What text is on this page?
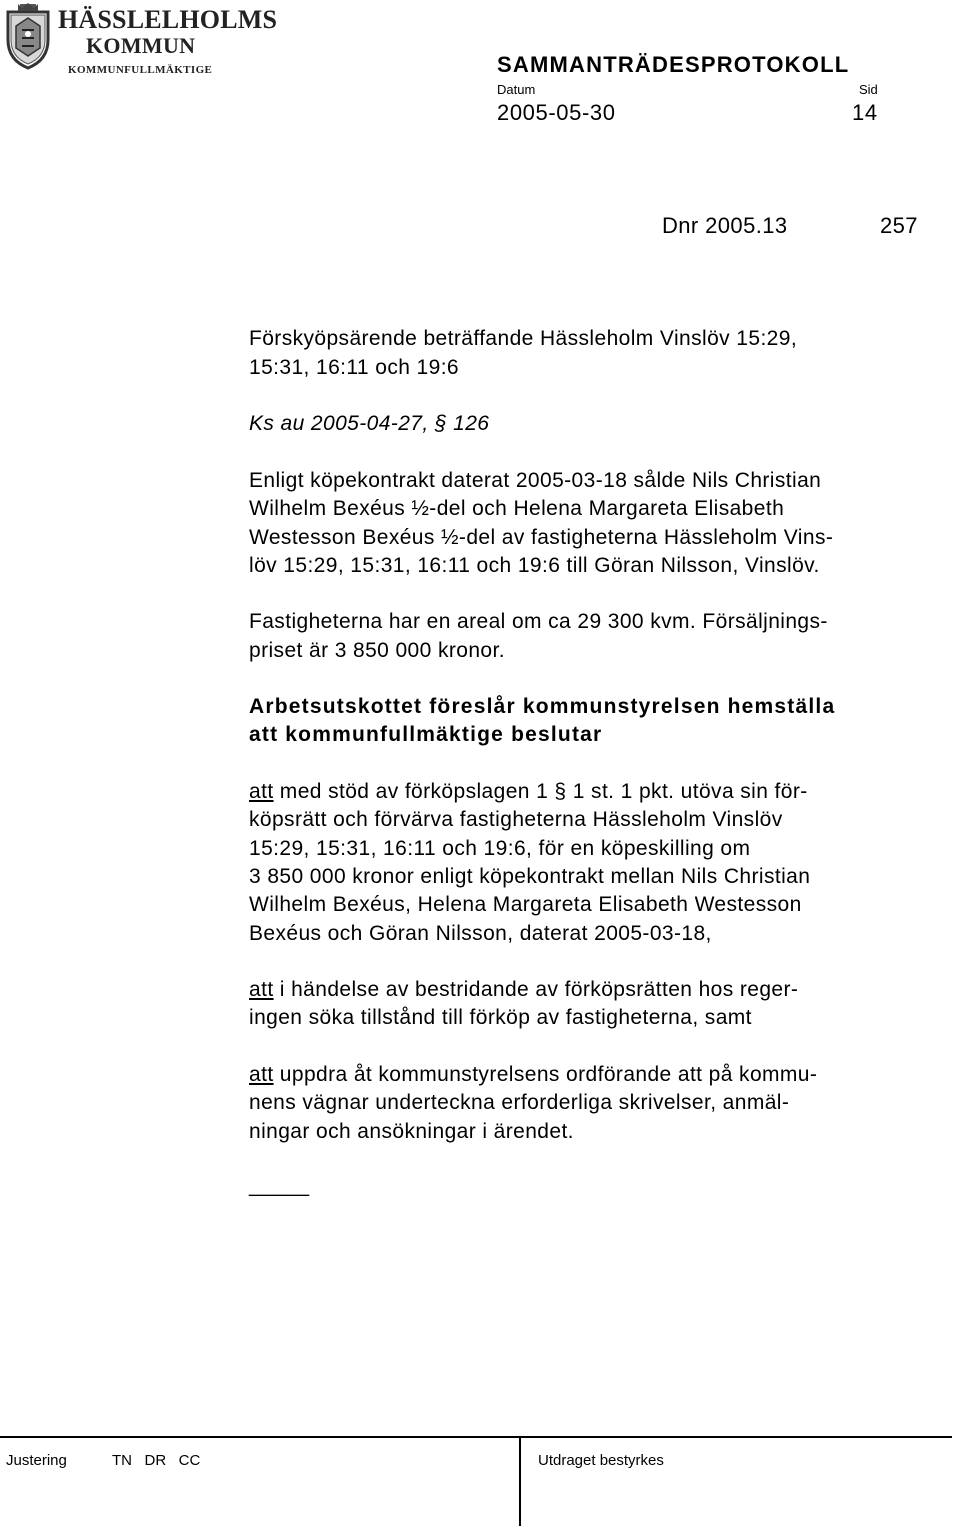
HÄSSLELHOLMS
KOMMUN
KOMMUNFULLMÄKTIGE	SAMMANTRÄDESPROTOKOLL
Datum	Sid
2005-05-30	14
Dnr 2005.13	257
Förskyöpsärende beträffande Hässleholm Vinslöv 15:29,
15:31, 16:11 och 19:6
Ks au 2005-04-27, § 126
Enligt köpekontrakt daterat 2005-03-18 sålde Nils Christian
Wilhelm Bexéus ½-del och Helena Margareta Elisabeth
Westesson Bexéus ½-del av fastigheterna Hässleholm Vins-
löv 15:29, 15:31, 16:11 och 19:6 till Göran Nilsson, Vinslöv.
Fastigheterna har en areal om ca 29 300 kvm. Försäljnings-
priset är 3 850 000 kronor.
Arbetsutskottet föreslår kommunstyrelsen hemställa
att kommunfullmäktige beslutar
att med stöd av förköpslagen 1 § 1 st. 1 pkt. utöva sin för-
köpsrätt och förvärva fastigheterna Hässleholm Vinslöv
15:29, 15:31, 16:11 och 19:6, för en köpeskilling om
3 850 000 kronor enligt köpekontrakt mellan Nils Christian
Wilhelm Bexéus, Helena Margareta Elisabeth Westesson
Bexéus och Göran Nilsson, daterat 2005-03-18,
att i händelse av bestridande av förköpsrätten hos reger-
ingen söka tillstånd till förköp av fastigheterna, samt
att uppdra åt kommunstyrelsens ordförande att på kommu-
nens vägnar underteckna erforderliga skrivelser, anmäl-
ningar och ansökningar i ärendet.
_____
Justering	TN   DR   CC	Utdraget bestyrkes
